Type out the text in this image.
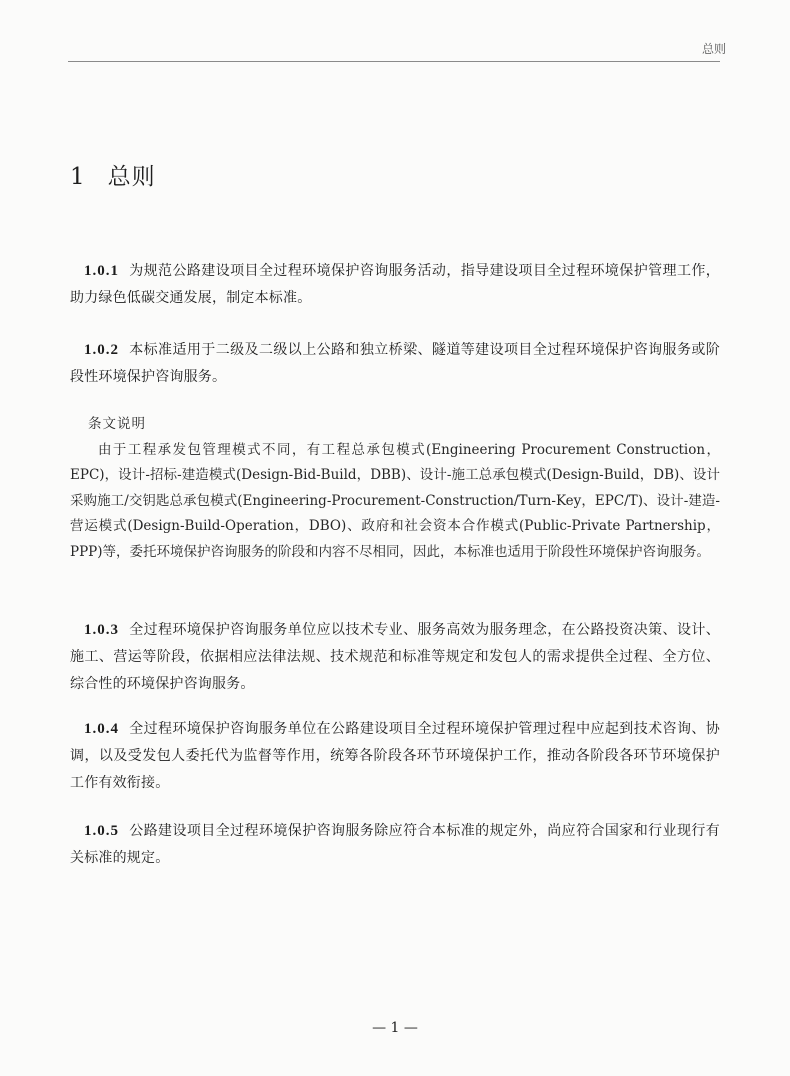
总则
1 总则
1.0.1 为规范公路建设项目全过程环境保护咨询服务活动，指导建设项目全过程环境保护管理工作，助力绿色低碳交通发展，制定本标准。
1.0.2 本标准适用于二级及二级以上公路和独立桥梁、隧道等建设项目全过程环境保护咨询服务或阶段性环境保护咨询服务。
条文说明
由于工程承发包管理模式不同，有工程总承包模式(Engineering Procurement Construction，EPC)，设计-招标-建造模式(Design-Bid-Build，DBB)、设计-施工总承包模式(Design-Build，DB)、设计采购施工/交钥匙总承包模式(Engineering-Procurement-Construction/Turn-Key，EPC/T)、设计-建造-营运模式(Design-Build-Operation，DBO)、政府和社会资本合作模式(Public-Private Partnership，PPP)等，委托环境保护咨询服务的阶段和内容不尽相同，因此，本标准也适用于阶段性环境保护咨询服务。
1.0.3 全过程环境保护咨询服务单位应以技术专业、服务高效为服务理念，在公路投资决策、设计、施工、营运等阶段，依据相应法律法规、技术规范和标准等规定和发包人的需求提供全过程、全方位、综合性的环境保护咨询服务。
1.0.4 全过程环境保护咨询服务单位在公路建设项目全过程环境保护管理过程中应起到技术咨询、协调，以及受发包人委托代为监督等作用，统筹各阶段各环节环境保护工作，推动各阶段各环节环境保护工作有效衔接。
1.0.5 公路建设项目全过程环境保护咨询服务除应符合本标准的规定外，尚应符合国家和行业现行有关标准的规定。
— 1 —
